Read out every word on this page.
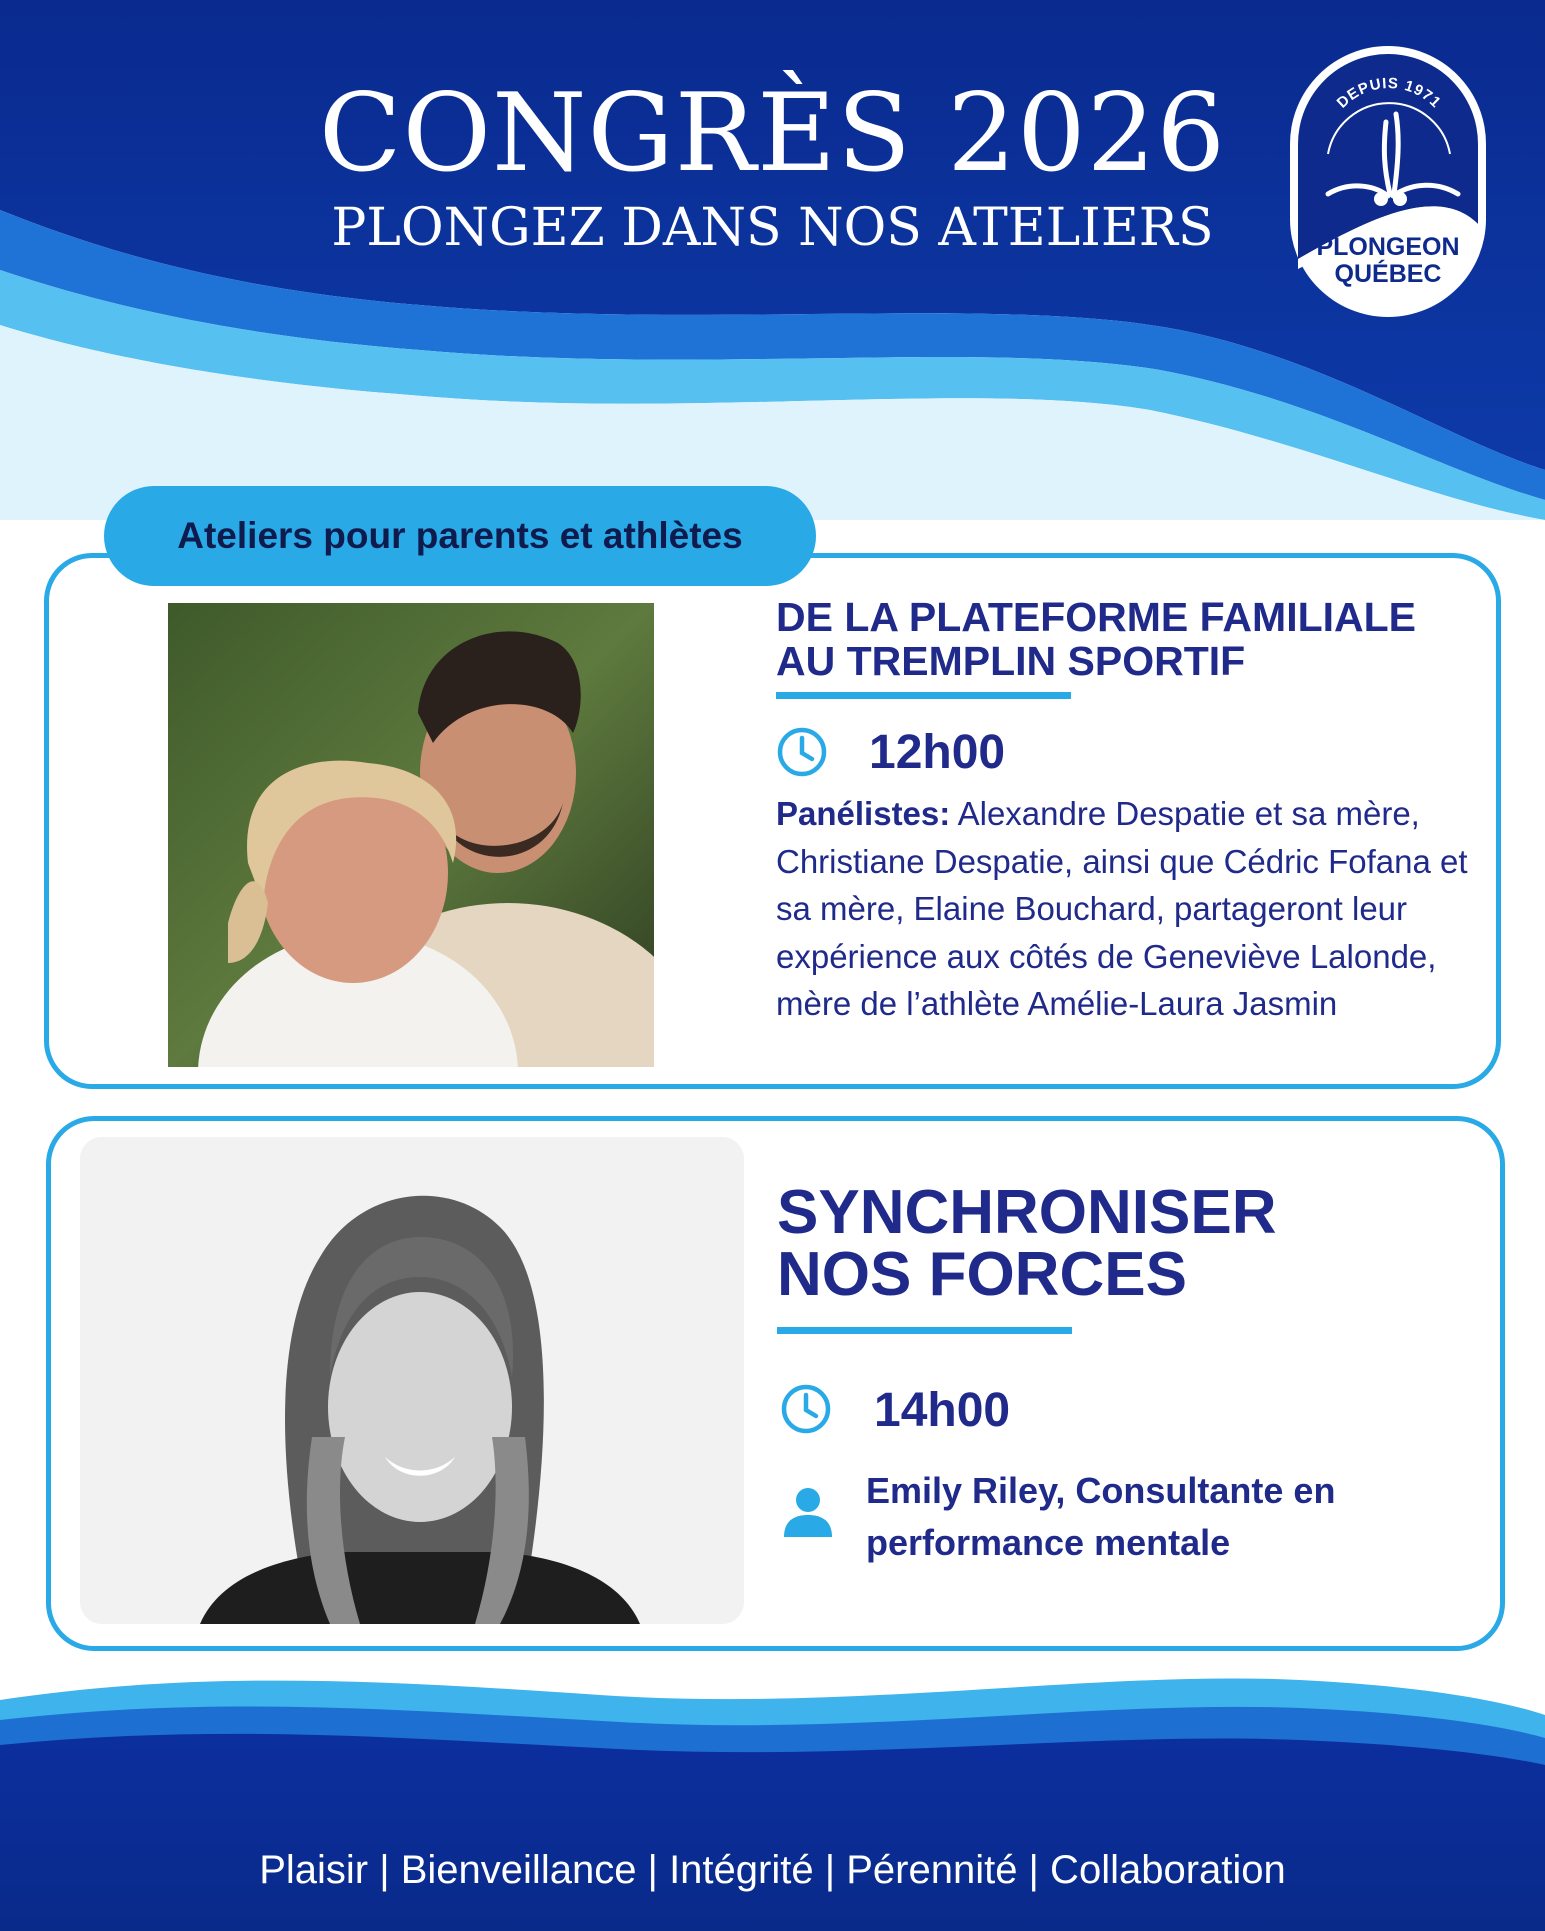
CONGRÈS 2026
PLONGEZ DANS NOS ATELIERS
DEPUIS 1971
PLONGEON
QUÉBEC
Ateliers pour parents et athlètes
DE LA PLATEFORME FAMILIALE
AU TREMPLIN SPORTIF
12h00
Panélistes: Alexandre Despatie et sa mère, Christiane Despatie, ainsi que Cédric Fofana et sa mère, Elaine Bouchard, partageront leur expérience aux côtés de Geneviève Lalonde, mère de l’athlète Amélie-Laura Jasmin
SYNCHRONISER
NOS FORCES
14h00
Emily Riley, Consultante en performance mentale
Plaisir | Bienveillance | Intégrité | Pérennité | Collaboration
